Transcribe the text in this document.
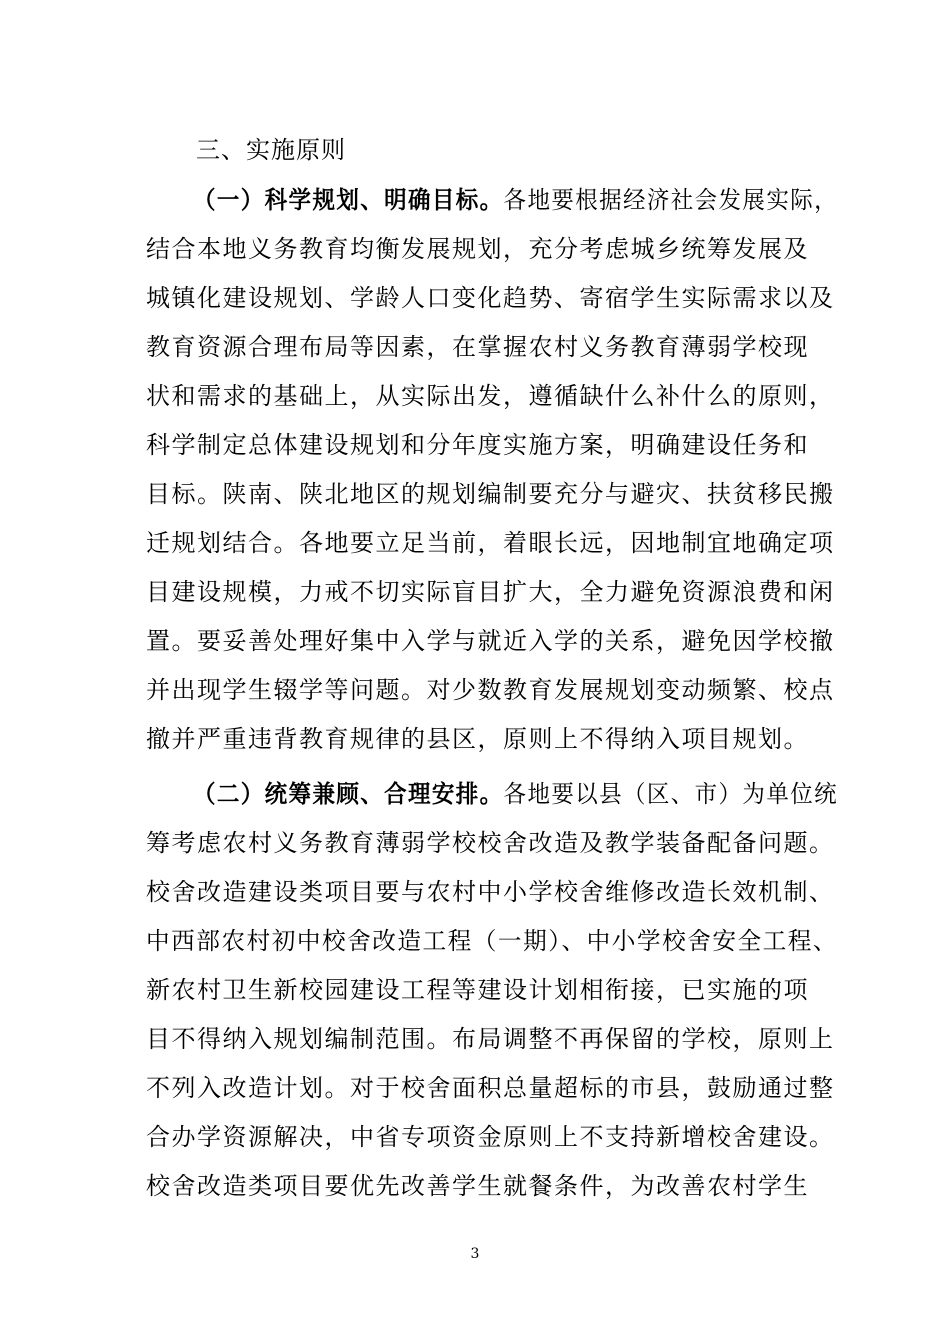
三、实施原则
（一）科学规划、明确目标。各地要根据经济社会发展实际，
结合本地义务教育均衡发展规划，充分考虑城乡统筹发展及
城镇化建设规划、学龄人口变化趋势、寄宿学生实际需求以及
教育资源合理布局等因素，在掌握农村义务教育薄弱学校现
状和需求的基础上，从实际出发，遵循缺什么补什么的原则，
科学制定总体建设规划和分年度实施方案，明确建设任务和
目标。陕南、陕北地区的规划编制要充分与避灾、扶贫移民搬
迁规划结合。各地要立足当前，着眼长远，因地制宜地确定项
目建设规模，力戒不切实际盲目扩大，全力避免资源浪费和闲
置。要妥善处理好集中入学与就近入学的关系，避免因学校撤
并出现学生辍学等问题。对少数教育发展规划变动频繁、校点
撤并严重违背教育规律的县区，原则上不得纳入项目规划。
（二）统筹兼顾、合理安排。各地要以县（区、市）为单位统
筹考虑农村义务教育薄弱学校校舍改造及教学装备配备问题。
校舍改造建设类项目要与农村中小学校舍维修改造长效机制、
中西部农村初中校舍改造工程（一期）、中小学校舍安全工程、
新农村卫生新校园建设工程等建设计划相衔接，已实施的项
目不得纳入规划编制范围。布局调整不再保留的学校，原则上
不列入改造计划。对于校舍面积总量超标的市县，鼓励通过整
合办学资源解决，中省专项资金原则上不支持新增校舍建设。
校舍改造类项目要优先改善学生就餐条件，为改善农村学生
3
